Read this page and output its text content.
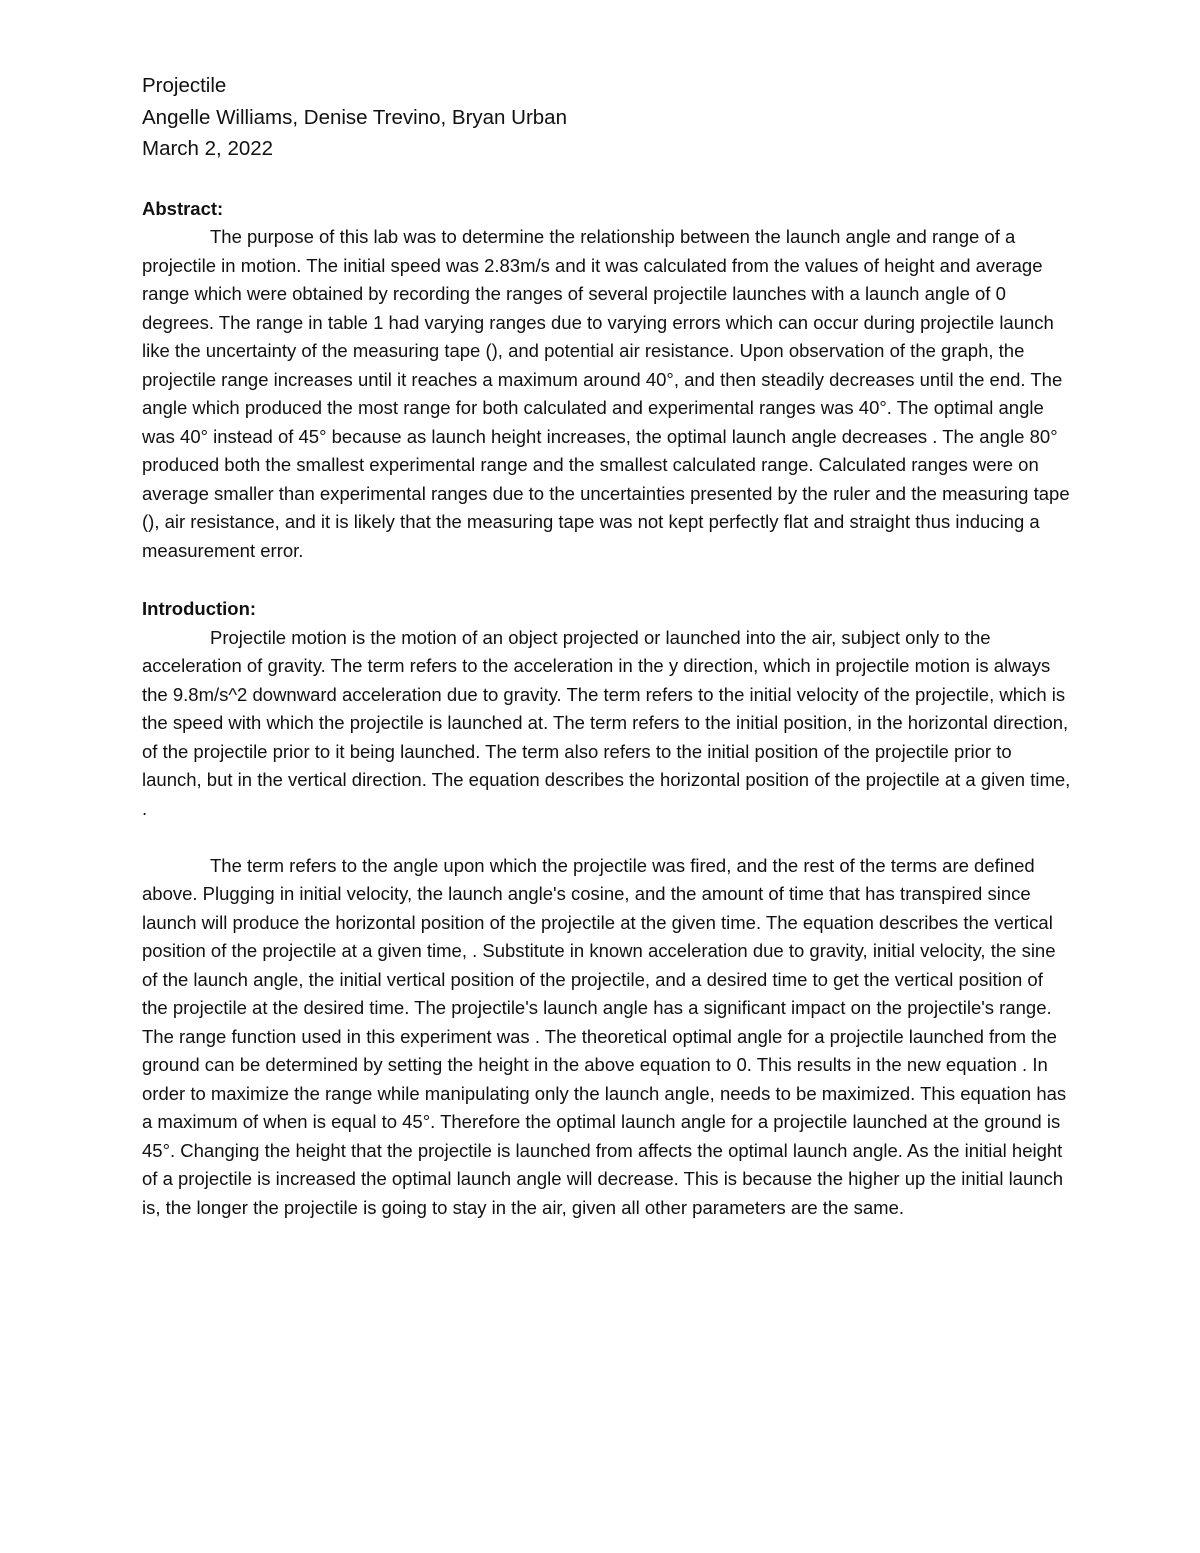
Projectile

Angelle Williams, Denise Trevino, Bryan Urban

March 2, 2022

Abstract:

The purpose of this lab was to determine the relationship between the launch angle and range of a projectile in motion. The initial speed was 2.83m/s and it was calculated from the values of height and average range which were obtained by recording the ranges of several projectile launches with a launch angle of 0 degrees. The range in table 1 had varying ranges due to varying errors which can occur during projectile launch like the uncertainty of the measuring tape (), and potential air resistance. Upon observation of the graph, the projectile range increases until it reaches a maximum around 40°, and then steadily decreases until the end. The angle which produced the most range for both calculated and experimental ranges was 40°. The optimal angle was 40° instead of 45° because as launch height increases, the optimal launch angle decreases . The angle 80° produced both the smallest experimental range and the smallest calculated range. Calculated ranges were on average smaller than experimental ranges due to the uncertainties presented by the ruler and the measuring tape (), air resistance, and it is likely that the measuring tape was not kept perfectly flat and straight thus inducing a measurement error.

Introduction:

Projectile motion is the motion of an object projected or launched into the air, subject only to the acceleration of gravity. The term refers to the acceleration in the y direction, which in projectile motion is always the 9.8m/s^2 downward acceleration due to gravity. The term refers to the initial velocity of the projectile, which is the speed with which the projectile is launched at. The term refers to the initial position, in the horizontal direction, of the projectile prior to it being launched. The term also refers to the initial position of the projectile prior to launch, but in the vertical direction. The equation describes the horizontal position of the projectile at a given time, .

The term refers to the angle upon which the projectile was fired, and the rest of the terms are defined above. Plugging in initial velocity, the launch angle's cosine, and the amount of time that has transpired since launch will produce the horizontal position of the projectile at the given time. The equation describes the vertical position of the projectile at a given time, . Substitute in known acceleration due to gravity, initial velocity, the sine of the launch angle, the initial vertical position of the projectile, and a desired time to get the vertical position of the projectile at the desired time. The projectile's launch angle has a significant impact on the projectile's range. The range function used in this experiment was . The theoretical optimal angle for a projectile launched from the ground can be determined by setting the height in the above equation to 0. This results in the new equation . In order to maximize the range while manipulating only the launch angle, needs to be maximized. This equation has a maximum of when is equal to 45°. Therefore the optimal launch angle for a projectile launched at the ground is 45°. Changing the height that the projectile is launched from affects the optimal launch angle. As the initial height of a projectile is increased the optimal launch angle will decrease. This is because the higher up the initial launch is, the longer the projectile is going to stay in the air, given all other parameters are the same.
